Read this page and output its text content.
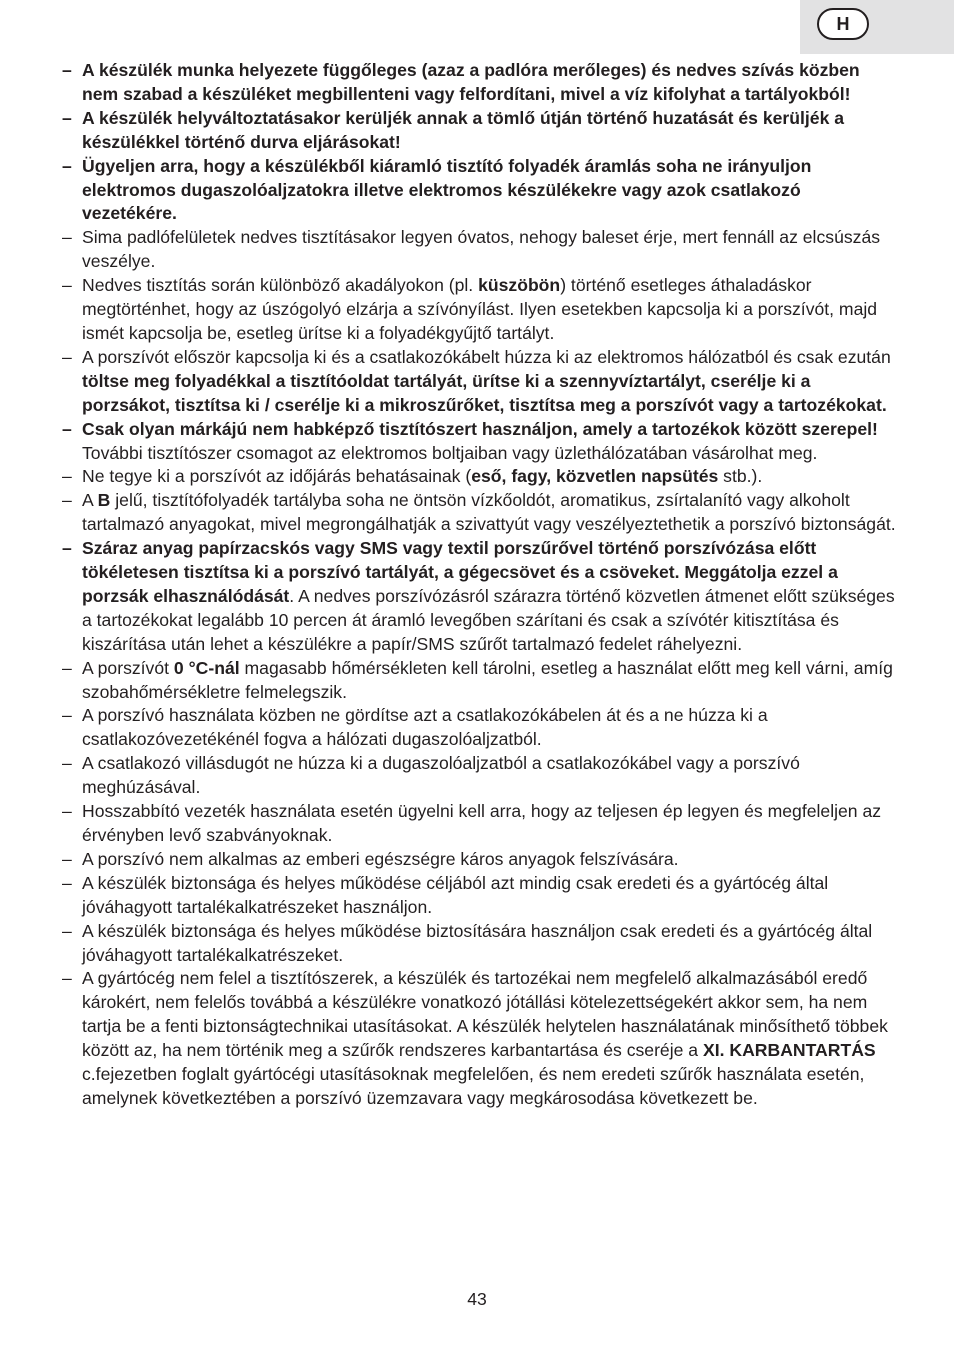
H
– A készülék munka helyezete függőleges (azaz a padlóra merőleges) és nedves szívás közben nem szabad a készüléket megbillenteni vagy felfordítani, mivel a víz kifolyhat a tartályokból!
– A készülék helyváltoztatásakor kerüljék annak a tömlő útján történő huzatását és kerüljék a készülékkel történő durva eljárásokat!
– Ügyeljen arra, hogy a készülékből kiáramló tisztító folyadék áramlás soha ne irányuljon elektromos dugaszolóaljzatokra illetve elektromos készülékekre vagy azok csatlakozó vezetékére.
– Sima padlófelületek nedves tisztításakor legyen óvatos, nehogy baleset érje, mert fennáll az elcsúszás veszélye.
– Nedves tisztítás során különböző akadályokon (pl. küszöbön) történő esetleges áthaladáskor megtörténhet, hogy az úszógolyó elzárja a szívónyílást. Ilyen esetekben kapcsolja ki a porszívót, majd ismét kapcsolja be, esetleg ürítse ki a folyadékgyűjtő tartályt.
– A porszívót először kapcsolja ki és a csatlakozókábelt húzza ki az elektromos hálózatból és csak ezután töltse meg folyadékkal a tisztítóoldat tartályát, ürítse ki a szennyvíztartályt, cserélje ki a porzsákot, tisztítsa ki / cserélje ki a mikroszűrőket, tisztítsa meg a porszívót vagy a tartozékokat.
– Csak olyan márkájú nem habképző tisztítószert használjon, amely a tartozékok között szerepel! További tisztítószer csomagot az elektromos boltjaiban vagy üzlethálózatában vásárolhat meg.
– Ne tegye ki a porszívót az időjárás behatásainak (eső, fagy, közvetlen napsütés stb.).
– A B jelű, tisztítófolyadék tartályba soha ne öntsön vízkőoldót, aromatikus, zsírtalanító vagy alkoholt tartalmazó anyagokat, mivel megrongálhatják a szivattyút vagy veszélyeztethetik a porszívó biztonságát.
– Száraz anyag papírzacskós vagy SMS vagy textil porszűrővel történő porszívózása előtt tökéletesen tisztítsa ki a porszívó tartályát, a gégecsövet és a csöveket. Meggátolja ezzel a porzsák elhasználódását. A nedves porszívózásról szárazra történő közvetlen átmenet előtt szükséges a tartozékokat legalább 10 percen át áramló levegőben szárítani és csak a szívótér kitisztítása és kiszárítása után lehet a készülékre a papír/SMS szűrőt tartalmazó fedelet ráhelyezni.
– A porszívót 0 °C-nál magasabb hőmérsékleten kell tárolni, esetleg a használat előtt meg kell várni, amíg szobahőmérsékletre felmelegszik.
– A porszívó használata közben ne gördítse azt a csatlakozókábelen át és a ne húzza ki a csatlakozóvezetékénél fogva a hálózati dugaszolóaljzatból.
– A csatlakozó villásdugót ne húzza ki a dugaszolóaljzatból a csatlakozókábel vagy a porszívó meghúzásával.
– Hosszabbító vezeték használata esetén ügyelni kell arra, hogy az teljesen ép legyen és megfeleljen az érvényben levő szabványoknak.
– A porszívó nem alkalmas az emberi egészségre káros anyagok felszívására.
– A készülék biztonsága és helyes működése céljából azt mindig csak eredeti és a gyártócég által jóváhagyott tartalékalkatrészeket használjon.
– A készülék biztonsága és helyes működése biztosítására használjon csak eredeti és a gyártócég által jóváhagyott tartalékalkatrészeket.
– A gyártócég nem felel a tisztítószerek, a készülék és tartozékai nem megfelelő alkalmazásából eredő károkért, nem felelős továbbá a készülékre vonatkozó jótállási kötelezettségekért akkor sem, ha nem tartja be a fenti biztonságtechnikai utasításokat. A készülék helytelen használatának minősíthető többek között az, ha nem történik meg a szűrők rendszeres karbantartása és cseréje a XI. KARBANTARTÁS c.fejezetben foglalt gyártócégi utasításoknak megfelelően, és nem eredeti szűrők használata esetén, amelynek következtében a porszívó üzemzavara vagy megkárosodása következett be.
43
